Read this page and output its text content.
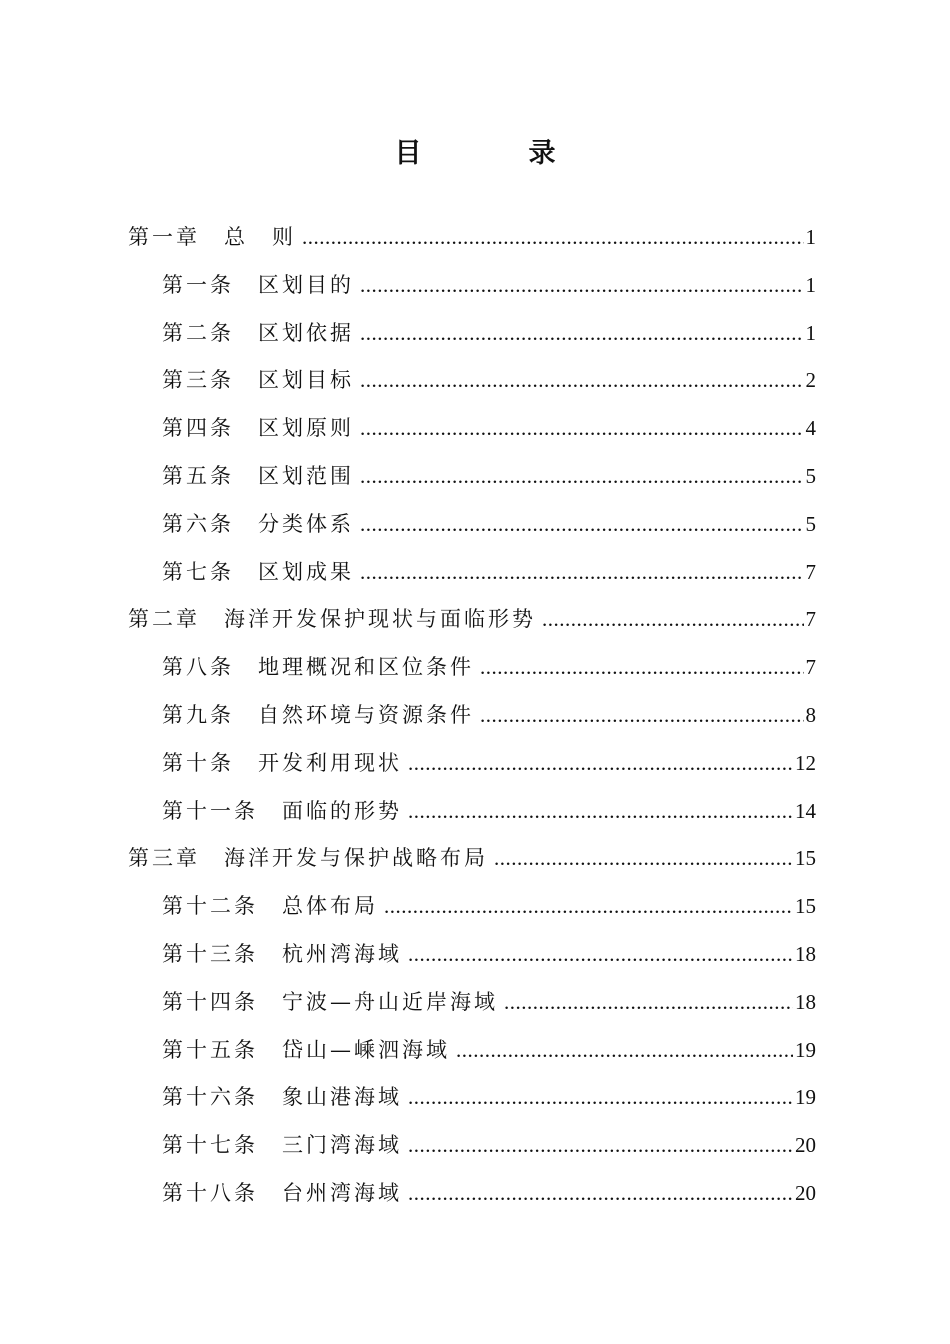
目　录
第一章 总　则 .....	1
第一条 区划目的 .....	1
第二条 区划依据 .....	1
第三条 区划目标 .....	2
第四条 区划原则 .....	4
第五条 区划范围 .....	5
第六条 分类体系 .....	5
第七条 区划成果 .....	7
第二章 海洋开发保护现状与面临形势 .....	7
第八条 地理概况和区位条件 .....	7
第九条 自然环境与资源条件 .....	8
第十条 开发利用现状 .....	12
第十一条 面临的形势 .....	14
第三章 海洋开发与保护战略布局 .....	15
第十二条 总体布局 .....	15
第十三条 杭州湾海域 .....	18
第十四条 宁波—舟山近岸海域 .....	18
第十五条 岱山—嵊泗海域 .....	19
第十六条 象山港海域 .....	19
第十七条 三门湾海域 .....	20
第十八条 台州湾海域 .....	20
